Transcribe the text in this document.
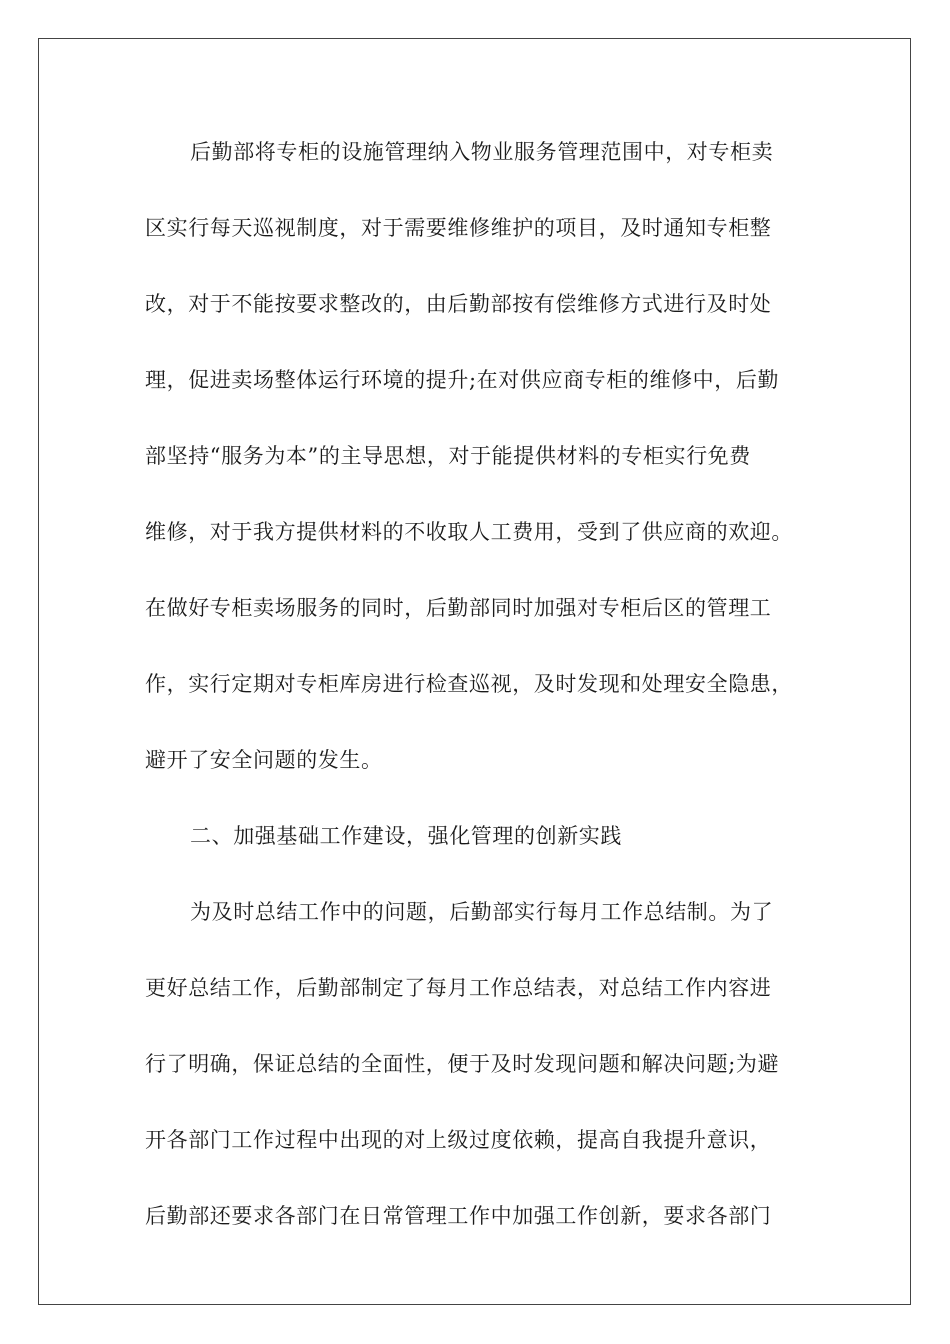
后勤部将专柜的设施管理纳入物业服务管理范围中，对专柜卖
区实行每天巡视制度，对于需要维修维护的项目，及时通知专柜整
改，对于不能按要求整改的，由后勤部按有偿维修方式进行及时处
理，促进卖场整体运行环境的提升;在对供应商专柜的维修中，后勤
部坚持“服务为本”的主导思想，对于能提供材料的专柜实行免费
维修，对于我方提供材料的不收取人工费用，受到了供应商的欢迎。
在做好专柜卖场服务的同时，后勤部同时加强对专柜后区的管理工
作，实行定期对专柜库房进行检查巡视，及时发现和处理安全隐患，
避开了安全问题的发生。
二、加强基础工作建设，强化管理的创新实践
为及时总结工作中的问题，后勤部实行每月工作总结制。为了
更好总结工作，后勤部制定了每月工作总结表，对总结工作内容进
行了明确，保证总结的全面性，便于及时发现问题和解决问题;为避
开各部门工作过程中出现的对上级过度依赖，提高自我提升意识，
后勤部还要求各部门在日常管理工作中加强工作创新，要求各部门
